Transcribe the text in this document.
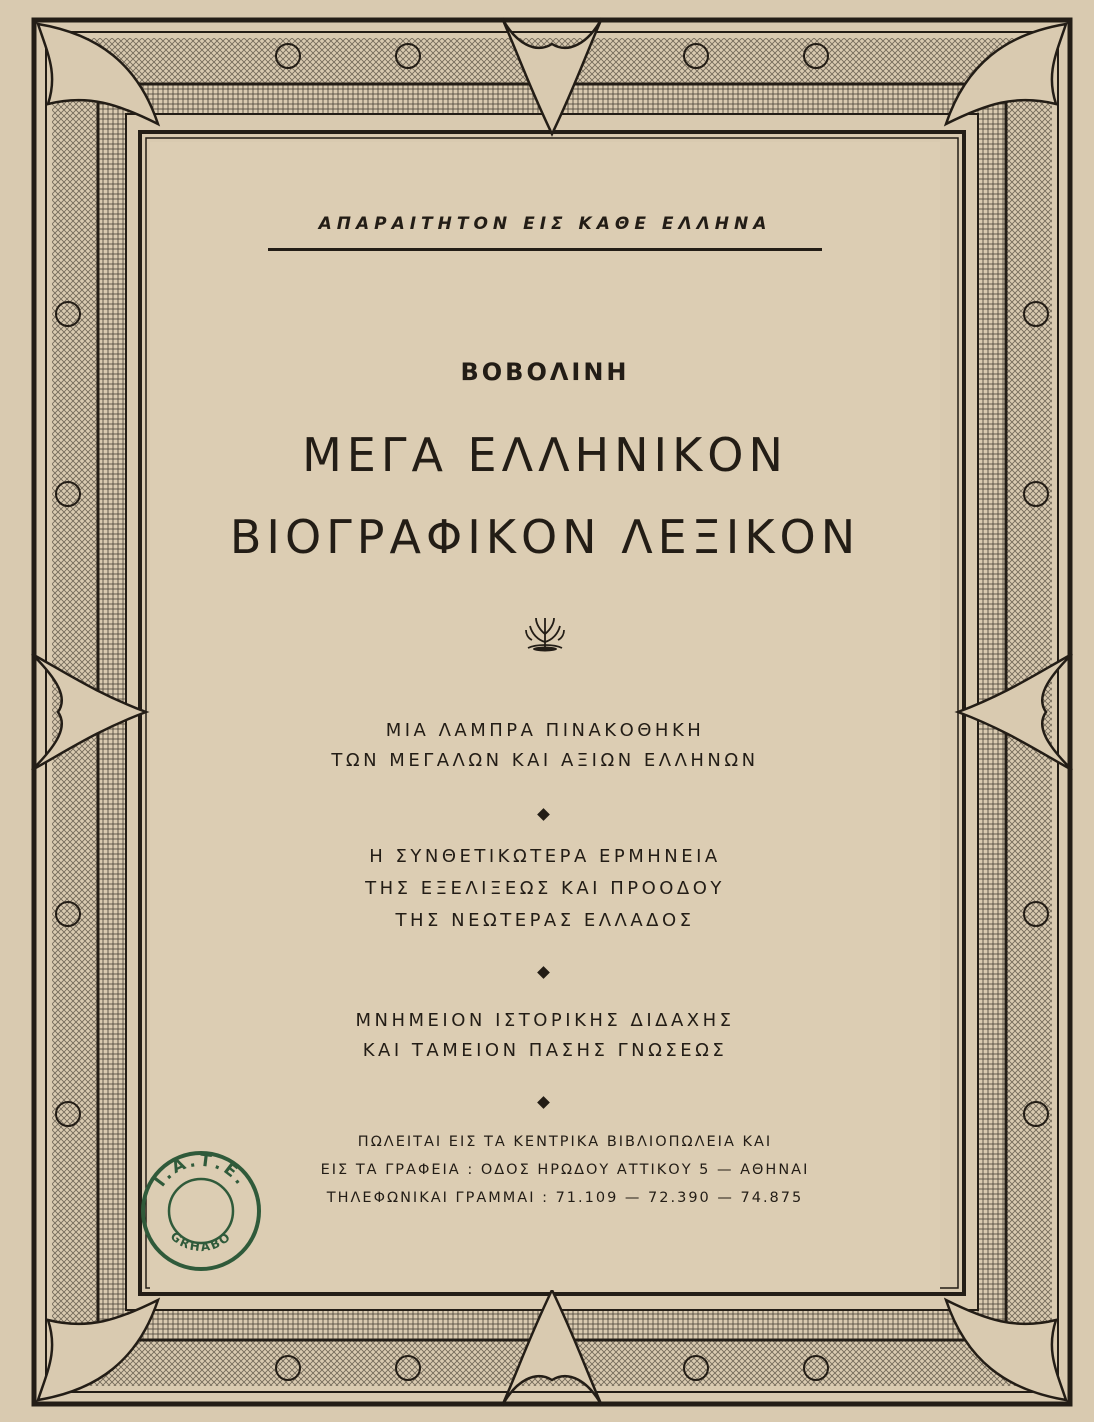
ΑΠΑΡΑΙΤΗΤΟΝ ΕΙΣ ΚΑΘΕ ΕΛΛΗΝΑ
ΒΟΒΟΛΙΝΗ
ΜΕΓΑ ΕΛΛΗΝΙΚΟΝ
ΒΙΟΓΡΑΦΙΚΟΝ ΛΕΞΙΚΟΝ
ΜΙΑ ΛΑΜΠΡΑ ΠΙΝΑΚΟΘΗΚΗ
ΤΩΝ ΜΕΓΑΛΩΝ ΚΑΙ ΑΞΙΩΝ ΕΛΛΗΝΩΝ
Η ΣΥΝΘΕΤΙΚΩΤΕΡΑ ΕΡΜΗΝΕΙΑ
ΤΗΣ ΕΞΕΛΙΞΕΩΣ ΚΑΙ ΠΡΟΟΔΟΥ
ΤΗΣ ΝΕΩΤΕΡΑΣ ΕΛΛΑΔΟΣ
ΜΝΗΜΕΙΟΝ ΙΣΤΟΡΙΚΗΣ ΔΙΔΑΧΗΣ
ΚΑΙ ΤΑΜΕΙΟΝ ΠΑΣΗΣ ΓΝΩΣΕΩΣ
ΠΩΛΕΙΤΑΙ ΕΙΣ ΤΑ ΚΕΝΤΡΙΚΑ ΒΙΒΛΙΟΠΩΛΕΙΑ ΚΑΙ
ΕΙΣ ΤΑ ΓΡΑΦΕΙΑ : ΟΔΟΣ ΗΡΩΔΟΥ ΑΤΤΙΚΟΥ 5 — ΑΘΗΝΑΙ
ΤΗΛΕΦΩΝΙΚΑΙ ΓΡΑΜΜΑΙ : 71.109 — 72.390 — 74.875
Ι.Α.Τ.Ε.
GRHABO
